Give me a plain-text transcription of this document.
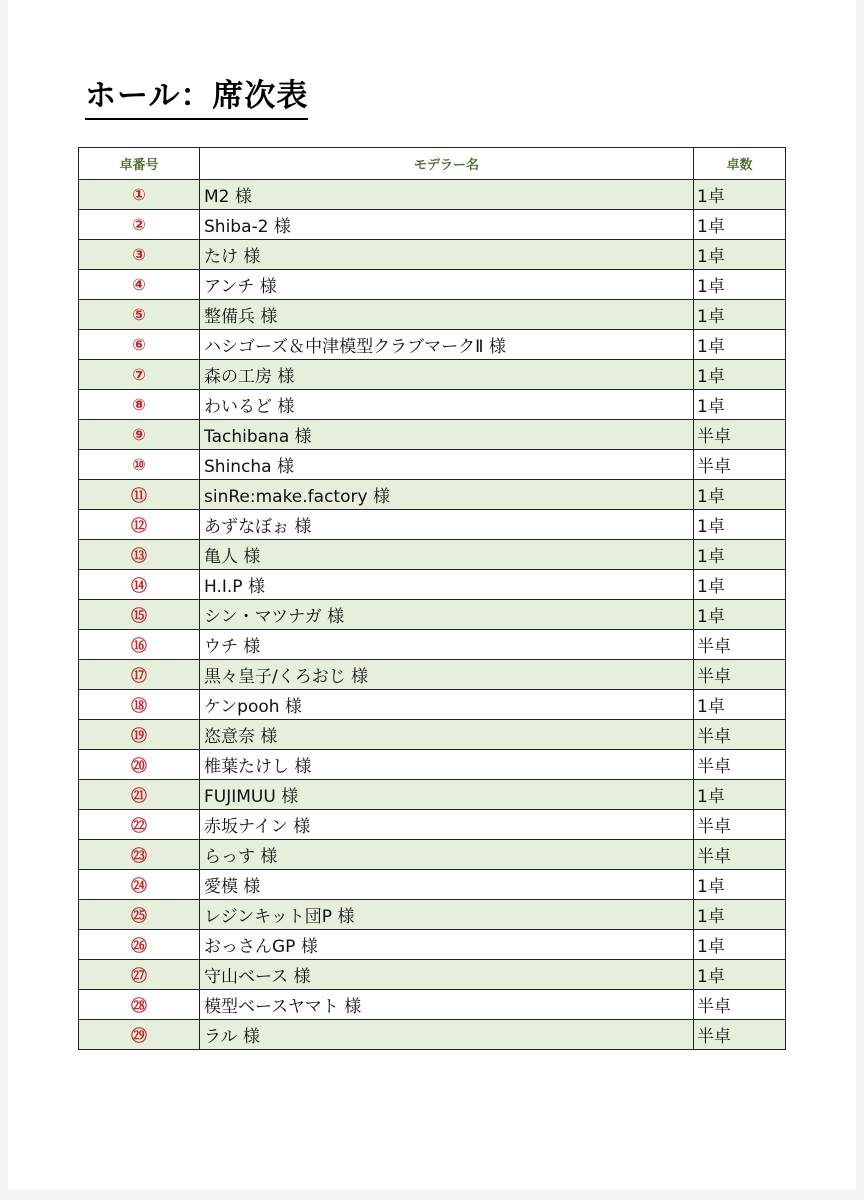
ホール：席次表
卓番号	モデラー名	卓数
①	M2 様	1卓
②	Shiba-2 様	1卓
③	たけ 様	1卓
④	アンチ 様	1卓
⑤	整備兵 様	1卓
⑥	ハシゴーズ＆中津模型クラブマークⅡ 様	1卓
⑦	森の工房 様	1卓
⑧	わいるど 様	1卓
⑨	Tachibana 様	半卓
⑩	Shincha 様	半卓
⑪	sinRe:make.factory 様	1卓
⑫	あずなぼぉ 様	1卓
⑬	亀人 様	1卓
⑭	H.I.P 様	1卓
⑮	シン・マツナガ 様	1卓
⑯	ウチ 様	半卓
⑰	黒々皇子/くろおじ 様	半卓
⑱	ケンpooh 様	1卓
⑲	恣意奈 様	半卓
⑳	椎葉たけし 様	半卓
㉑	FUJIMUU 様	1卓
㉒	赤坂ナイン 様	半卓
㉓	らっす 様	半卓
㉔	愛模 様	1卓
㉕	レジンキット団P 様	1卓
㉖	おっさんGP 様	1卓
㉗	守山ベース 様	1卓
㉘	模型ベースヤマト 様	半卓
㉙	ラル 様	半卓
